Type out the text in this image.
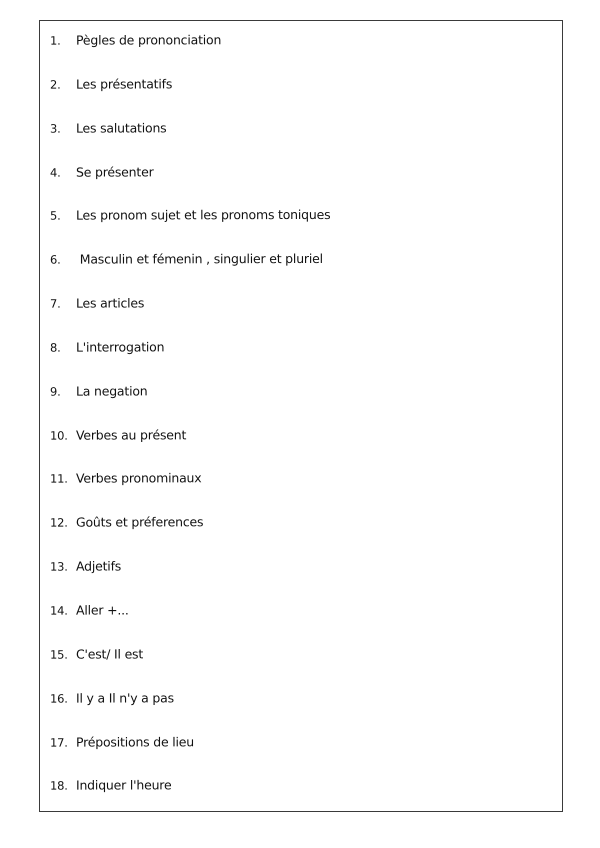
1.	Pègles de prononciation
2.	Les présentatifs
3.	Les salutations
4.	Se présenter
5.	Les pronom sujet et les pronoms toniques
6.	Masculin et fémenin , singulier et pluriel
7.	Les articles
8.	L'interrogation
9.	La negation
10. Verbes au présent
11. Verbes pronominaux
12. Goûts et préferences
13. Adjetifs
14. Aller +...
15. C'est/ Il est
16. Il y a Il n'y a pas
17. Prépositions de lieu
18. Indiquer l'heure
